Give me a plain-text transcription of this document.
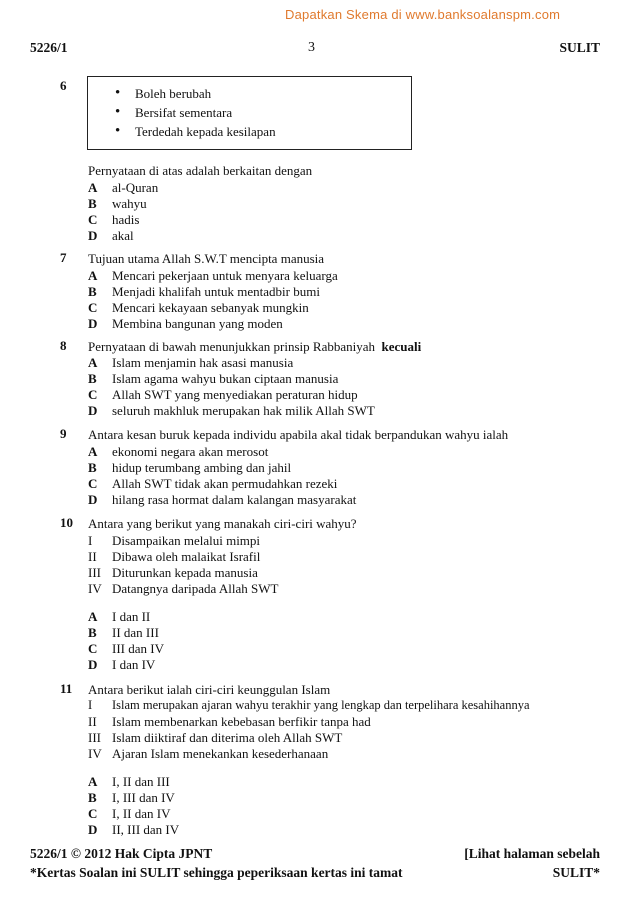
Dapatkan Skema di www.banksoalanspm.com
5226/1	3	SULIT
6
• Boleh berubah
• Bersifat sementara
• Terdedah kepada kesilapan
Pernyataan di atas adalah berkaitan dengan
A al-Quran
B wahyu
C hadis
D akal
7 Tujuan utama Allah S.W.T mencipta manusia
A Mencari pekerjaan untuk menyara keluarga
B Menjadi khalifah untuk mentadbir bumi
C Mencari kekayaan sebanyak mungkin
D Membina bangunan yang moden
8 Pernyataan di bawah menunjukkan prinsip Rabbaniyah kecuali
A Islam menjamin hak asasi manusia
B Islam agama wahyu bukan ciptaan manusia
C Allah SWT yang menyediakan peraturan hidup
D seluruh makhluk merupakan hak milik Allah SWT
9 Antara kesan buruk kepada individu apabila akal tidak berpandukan wahyu ialah
A ekonomi negara akan merosot
B hidup terumbang ambing dan jahil
C Allah SWT tidak akan permudahkan rezeki
D hilang rasa hormat dalam kalangan masyarakat
10 Antara yang berikut yang manakah ciri-ciri wahyu?
I Disampaikan melalui mimpi
II Dibawa oleh malaikat Israfil
III Diturunkan kepada manusia
IV Datangnya daripada Allah SWT
A I dan II
B II dan III
C III dan IV
D I dan IV
11 Antara berikut ialah ciri-ciri keunggulan Islam
I Islam merupakan ajaran wahyu terakhir yang lengkap dan terpelihara kesahihannya
II Islam membenarkan kebebasan berfikir tanpa had
III Islam diiktiraf dan diterima oleh Allah SWT
IV Ajaran Islam menekankan kesederhanaan
A I, II dan III
B I, III dan IV
C I, II dan IV
D II, III dan IV
5226/1 © 2012 Hak Cipta JPNT	[Lihat halaman sebelah
*Kertas Soalan ini SULIT sehingga peperiksaan kertas ini tamat	SULIT*
